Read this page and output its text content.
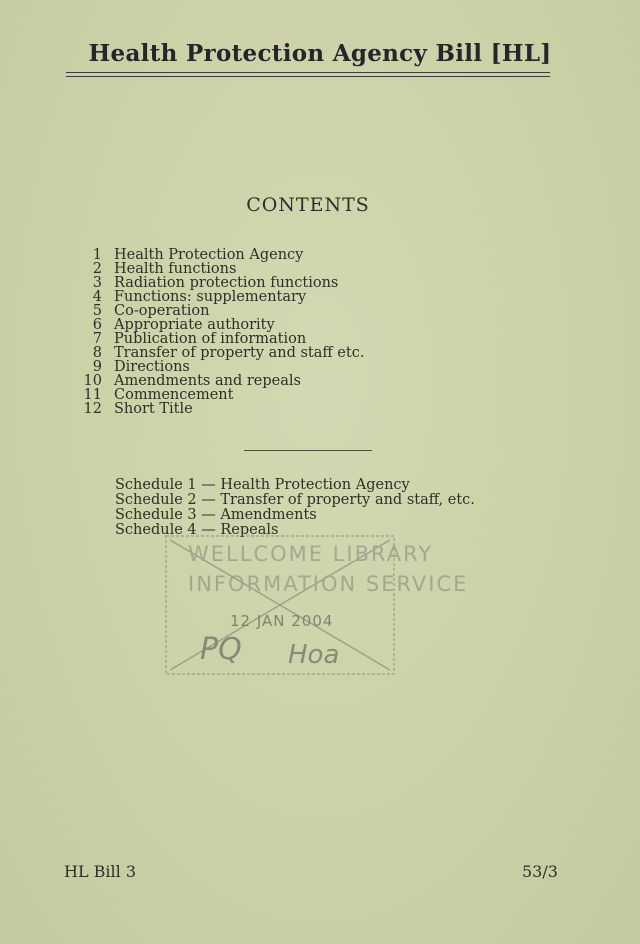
Health Protection Agency Bill [HL]
CONTENTS
1 Health Protection Agency
2 Health functions
3 Radiation protection functions
4 Functions: supplementary
5 Co-operation
6 Appropriate authority
7 Publication of information
8 Transfer of property and staff etc.
9 Directions
10 Amendments and repeals
11 Commencement
12 Short Title
Schedule 1 — Health Protection Agency
Schedule 2 — Transfer of property and staff, etc.
Schedule 3 — Amendments
Schedule 4 — Repeals
WELLCOME LIBRARY
INFORMATION SERVICE
12 JAN 2004
PQ Hoa
HL Bill 3	53/3
